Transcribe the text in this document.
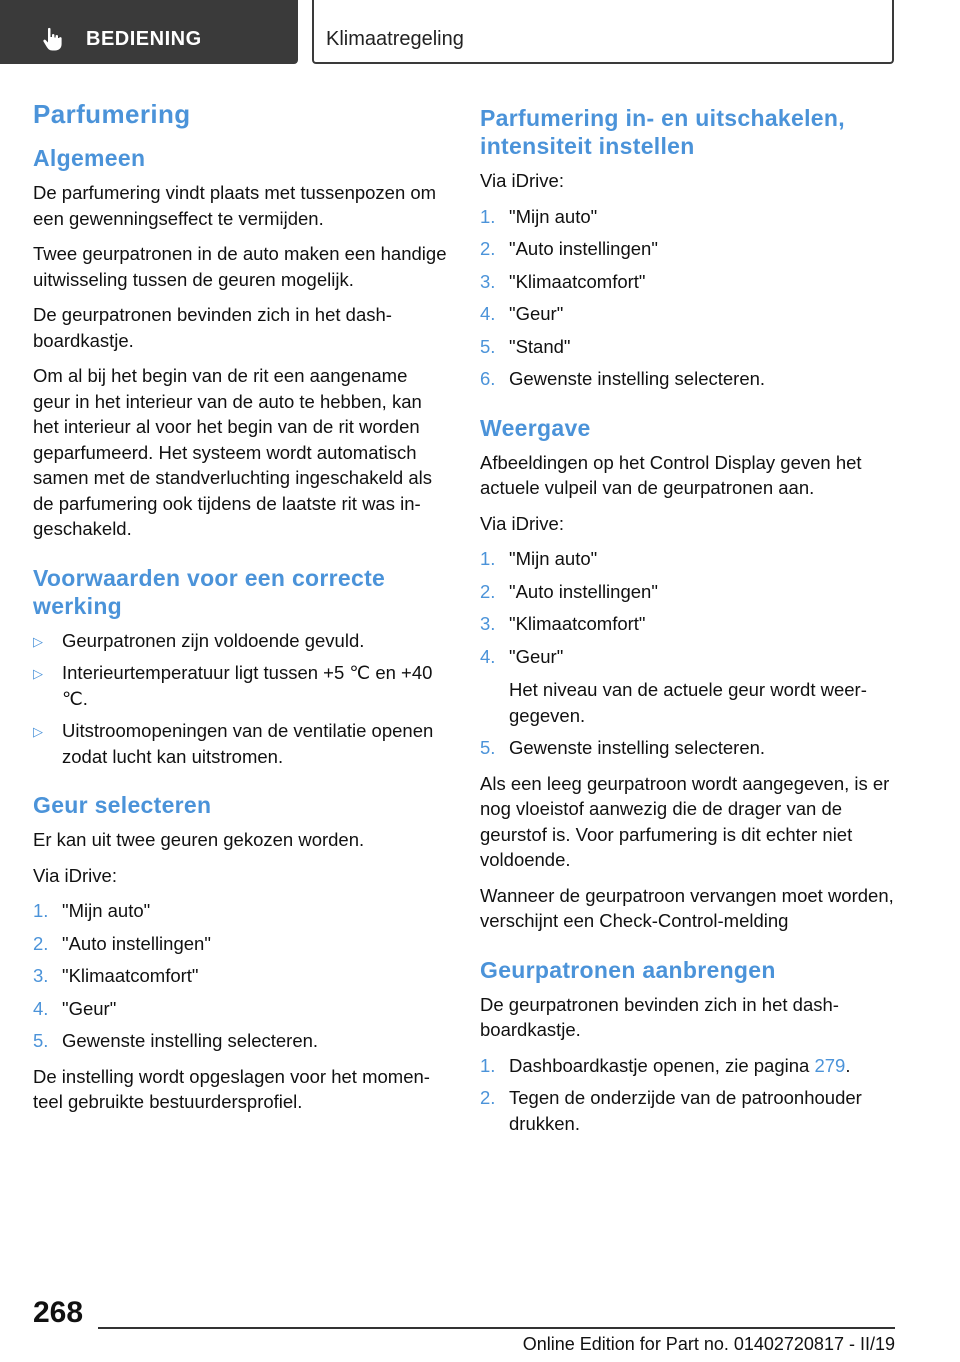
BEDIENING	Klimaatregeling
Parfumering
Algemeen

De parfumering vindt plaats met tussenpozen om een gewenningseffect te vermijden.

Twee geurpatronen in de auto maken een handige uitwisseling tussen de geuren mogelijk.

De geurpatronen bevinden zich in het dashboardkastje.

Om al bij het begin van de rit een aangename geur in het interieur van de auto te hebben, kan het interieur al voor het begin van de rit worden geparfumeerd. Het systeem wordt automatisch samen met de standverluchting ingeschakeld als de parfumering ook tijdens de laatste rit was ingeschakeld.

Voorwaarden voor een correcte werking
▷	Geurpatronen zijn voldoende gevuld.
▷	Interieurtemperatuur ligt tussen +5 ℃ en +40 ℃.
▷	Uitstroomopeningen van de ventilatie openen zodat lucht kan uitstromen.
Geur selecteren

Er kan uit twee geuren gekozen worden.

Via iDrive:

1. "Mijn auto"
2. "Auto instellingen"
3. "Klimaatcomfort"
4. "Geur"
5. Gewenste instelling selecteren.

De instelling wordt opgeslagen voor het momenteel gebruikte bestuurdersprofiel.

Parfumering in- en uitschakelen, intensiteit instellen

Via iDrive:

1. "Mijn auto"
2. "Auto instellingen"
3. "Klimaatcomfort"
4. "Geur"
5. "Stand"
6. Gewenste instelling selecteren.
Weergave

Afbeeldingen op het Control Display geven het actuele vulpeil van de geurpatronen aan.

Via iDrive:

1. "Mijn auto"
2. "Auto instellingen"
3. "Klimaatcomfort"
4. "Geur"
Het niveau van de actuele geur wordt weergegeven.
5. Gewenste instelling selecteren.

Als een leeg geurpatroon wordt aangegeven, is er nog vloeistof aanwezig die de drager van de geurstof is. Voor parfumering is dit echter niet voldoende.

Wanneer de geurpatroon vervangen moet worden, verschijnt een Check-Control-melding

Geurpatronen aanbrengen

De geurpatronen bevinden zich in het dashboardkastje.

1. Dashboardkastje openen, zie pagina 279.
2. Tegen de onderzijde van de patroonhouder drukken.
268
Online Edition for Part no. 01402720817 - II/19
